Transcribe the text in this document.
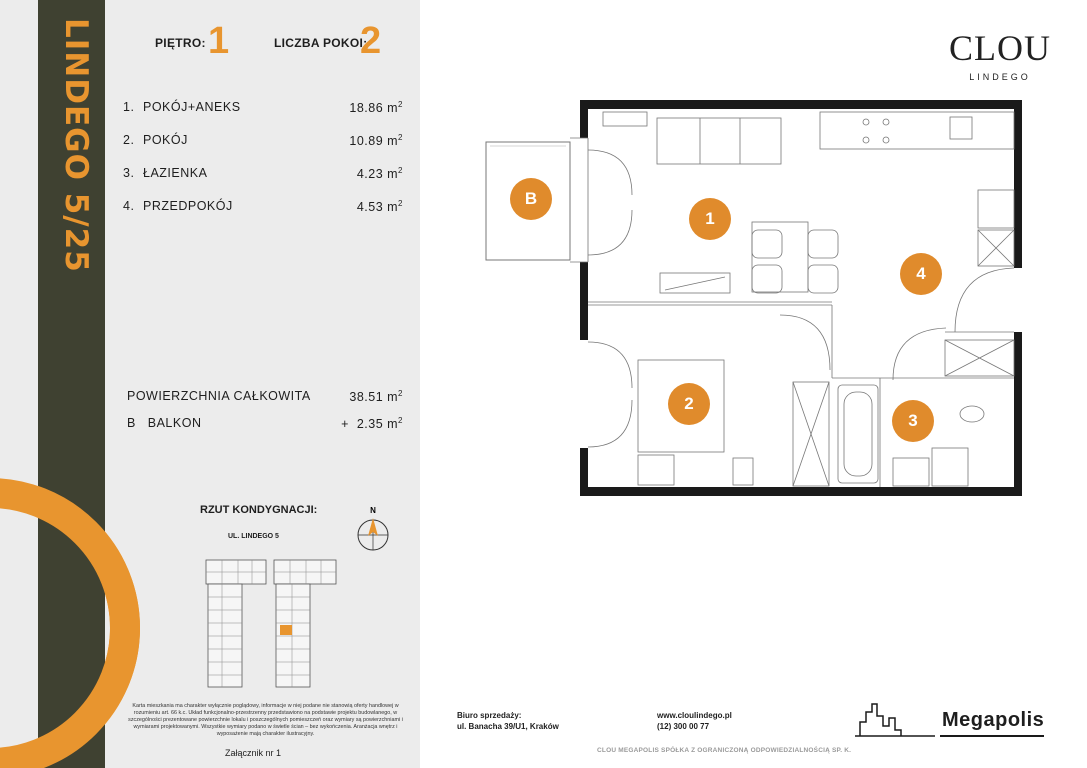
LINDEGO 5/25	PIĘTRO: 1	LICZBA POKOI:
2
1. POKÓJ+ANEKS	18.86 $m^2$
2. POKÓJ	10.89 $m^2$
3. ŁAZIENKA	4.23 $m^2$
4. PRZEDPOKÓJ	4.53 $m^2$
POWIERZCHNIA CAŁKOWITA	38.51 $m^2$
B   BALKON	+  2.35 $m^2$
RZUT KONDYGNACJI:
UL. LINDEGO 5
N
Karta mieszkania ma charakter wyłącznie poglądowy, informacje w niej podane nie stanowią oferty handlowej w rozumieniu art. 66 k.c. Układ funkcjonalno-przestrzenny przedstawiono na podstawie projektu budowlanego, w szczególności prezentowane powierzchnie lokalu i poszczególnych pomieszczeń oraz wymiary są powierzchniami i wymiarami projektowanymi. Wszystkie wymiary podano w świetle ścian – bez wykończenia. Aranżacja wnętrz i wyposażenie mają charakter ilustracyjny.
Załącznik nr 1
CLOU
LINDEGO
B
1
4
2
3
Biuro sprzedaży:
ul. Banacha 39/U1, Kraków
www.cloulindego.pl
(12) 300 00 77	Megapolis
CLOU MEGAPOLIS SPÓŁKA Z OGRANICZONĄ ODPOWIEDZIALNOŚCIĄ SP. K.
